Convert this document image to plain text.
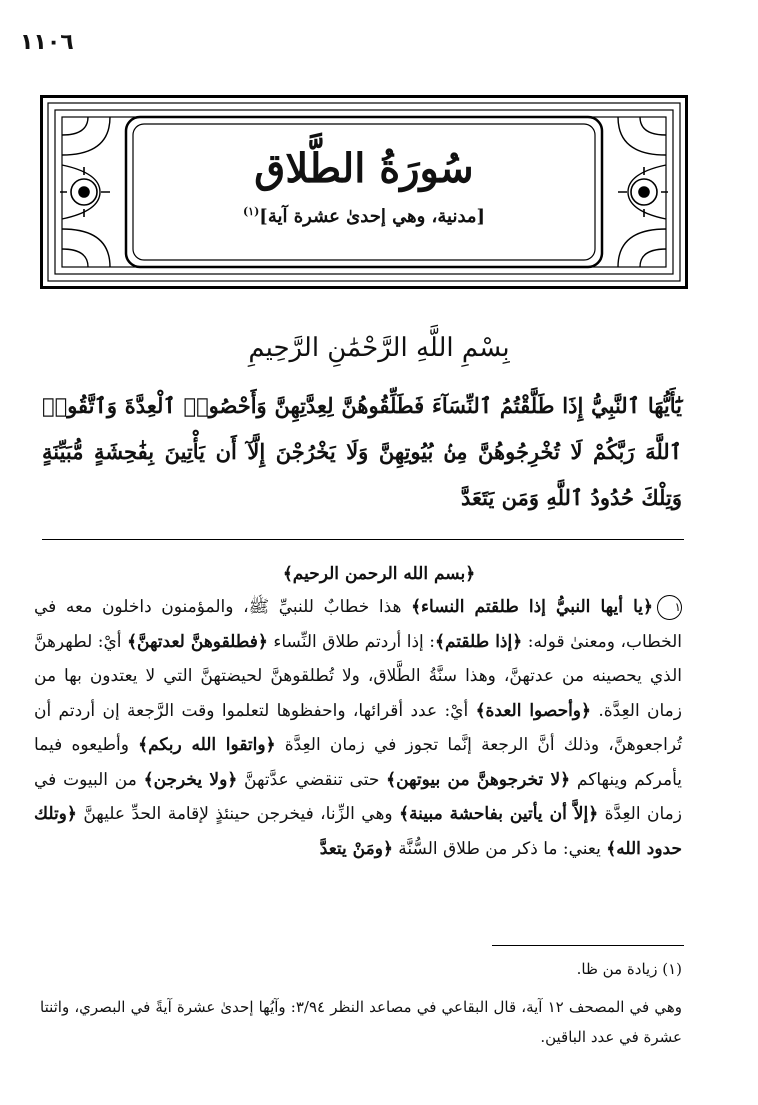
١١٠٦
سُورَةُ الطَّلاق
[مدنية، وهي إحدىٰ عشرة آية]$^{(١)}$
بِسْمِ اللَّهِ الرَّحْمَٰنِ الرَّحِيمِ
يَٰٓأَيُّهَا ٱلنَّبِيُّ إِذَا طَلَّقْتُمُ ٱلنِّسَآءَ فَطَلِّقُوهُنَّ لِعِدَّتِهِنَّ وَأَحْصُوا۟ ٱلْعِدَّةَ وَٱتَّقُوا۟ ٱللَّهَ رَبَّكُمْ لَا تُخْرِجُوهُنَّ مِنۢ بُيُوتِهِنَّ وَلَا يَخْرُجْنَ إِلَّآ أَن يَأْتِينَ بِفَٰحِشَةٍ مُّبَيِّنَةٍ وَتِلْكَ حُدُودُ ٱللَّهِ وَمَن يَتَعَدَّ
﴿بسم الله الرحمن الرحيم﴾
١﴿يا أيها النبيُّ إذا طلقتم النساء﴾ هذا خطابٌ للنبيِّ ﷺ، والمؤمنون داخلون معه في الخطاب، ومعنىٰ قوله: ﴿إذا طلقتم﴾: إذا أردتم طلاق النِّساء ﴿فطلقوهنَّ لعدتهنَّ﴾ أيْ: لطهرهنَّ الذي يحصينه من عدتهنَّ، وهذا سنَّةُ الطَّلاق، ولا تُطلقوهنَّ لحيضتهنَّ التي لا يعتدون بها من زمان العِدَّة. ﴿وأحصوا العدة﴾ أيْ: عدد أقرائها، واحفظوها لتعلموا وقت الرَّجعة إن أردتم أن تُراجعوهنَّ، وذلك أنَّ الرجعة إنَّما تجوز في زمان العِدَّة ﴿واتقوا الله ربكم﴾ وأطيعوه فيما يأمركم وينهاكم ﴿لا تخرجوهنَّ من بيوتهن﴾ حتى تنقضي عدَّتهنَّ ﴿ولا يخرجن﴾ من البيوت في زمان العِدَّة ﴿إلاَّ أن يأتين بفاحشة مبينة﴾ وهي الزِّنا، فيخرجن حينئذٍ لإقامة الحدِّ عليهنَّ ﴿وتلك حدود الله﴾ يعني: ما ذكر من طلاق السُّنَّة ﴿ومَنْ يتعدَّ
(١) زيادة من ظا.
وهي في المصحف ١٢ آية، قال البقاعي في مصاعد النظر ٣/٩٤: وآيُها إحدىٰ عشرة آيةً في البصري، واثنتا عشرة في عدد الباقين.
